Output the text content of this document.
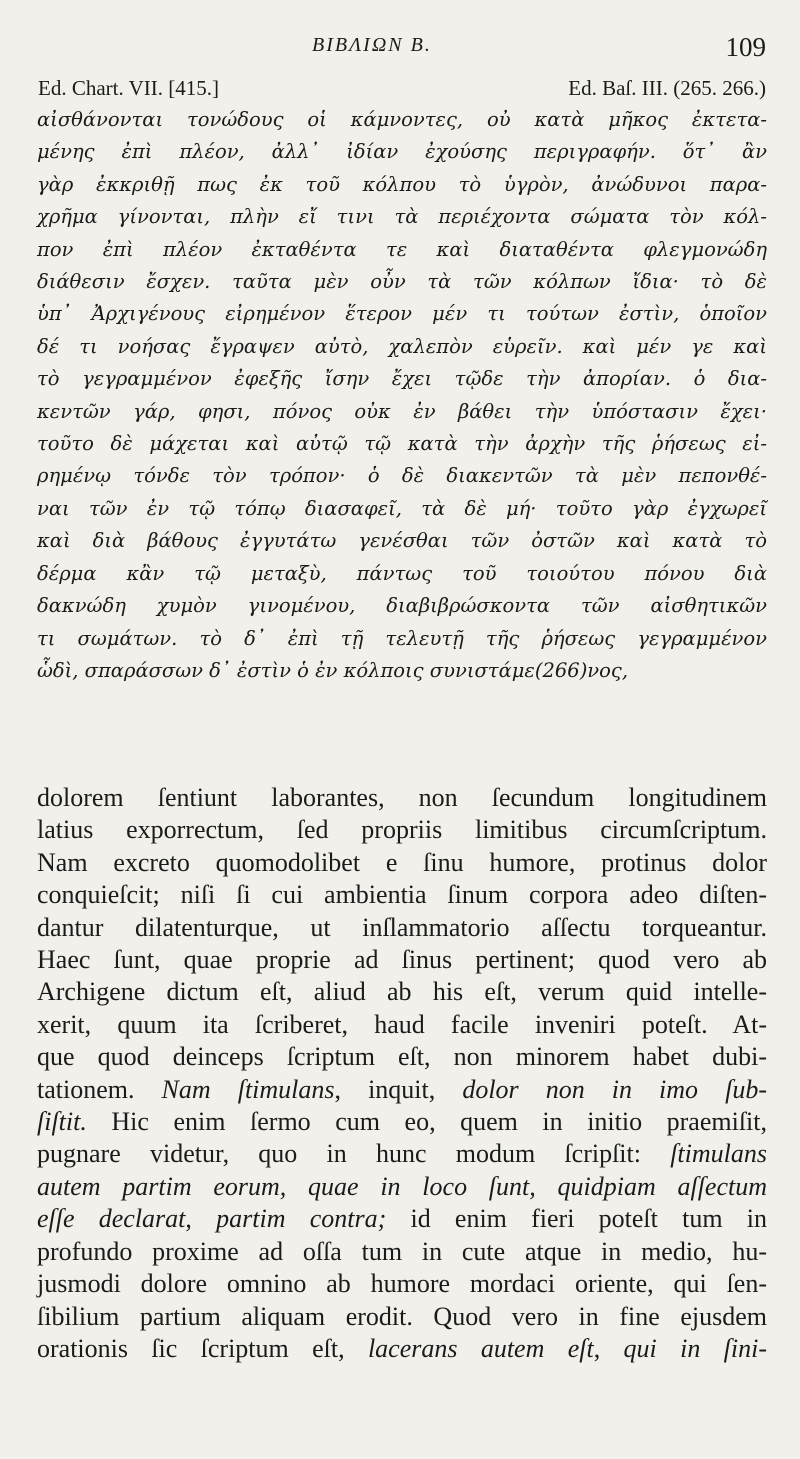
BIBΛIΩN B.	109
Ed. Chart. VII. [415.]	Ed. Baſ. III. (265. 266.)
αἰσθάνονται τονώδους οἱ κάμνοντες, οὐ κατὰ μῆκος ἐκτετα-
μένης ἐπὶ πλέον, ἀλλ᾽ ἰδίαν ἐχούσης περιγραφήν. ὅτ᾽ ἂν
γὰρ ἐκκριθῇ πως ἐκ τοῦ κόλπου τὸ ὑγρὸν, ἀνώδυνοι παρα-
χρῆμα γίνονται, πλὴν εἴ τινι τὰ περιέχοντα σώματα τὸν κόλ-
πον ἐπὶ πλέον ἐκταθέντα τε καὶ διαταθέντα φλεγμονώδη
διάθεσιν ἔσχεν. ταῦτα μὲν οὖν τὰ τῶν κόλπων ἴδια· τὸ δὲ
ὑπ᾽ Ἀρχιγένους εἰρημένον ἕτερον μέν τι τούτων ἐστὶν, ὁποῖον
δέ τι νοήσας ἔγραψεν αὐτὸ, χαλεπὸν εὑρεῖν. καὶ μέν γε καὶ
τὸ γεγραμμένον ἐφεξῆς ἴσην ἔχει τῷδε τὴν ἀπορίαν. ὁ δια-
κεντῶν γάρ, φησι, πόνος οὐκ ἐν βάθει τὴν ὑπόστασιν ἔχει·
τοῦτο δὲ μάχεται καὶ αὐτῷ τῷ κατὰ τὴν ἀρχὴν τῆς ῥήσεως εἰ-
ρημένῳ τόνδε τὸν τρόπον· ὁ δὲ διακεντῶν τὰ μὲν πεπονθέ-
ναι τῶν ἐν τῷ τόπῳ διασαφεῖ, τὰ δὲ μή· τοῦτο γὰρ ἐγχωρεῖ
καὶ διὰ βάθους ἐγγυτάτω γενέσθαι τῶν ὀστῶν καὶ κατὰ τὸ
δέρμα κἂν τῷ μεταξὺ, πάντως τοῦ τοιούτου πόνου διὰ
δακνώδη χυμὸν γινομένου, διαβιβρώσκοντα τῶν αἰσθητικῶν
τι σωμάτων. τὸ δ᾽ ἐπὶ τῇ τελευτῇ τῆς ῥήσεως γεγραμμένον
ὧδὶ, σπαράσσων δ᾽ ἐστὶν ὁ ἐν κόλποις συνιστάμε(266)νος,
dolorem ſentiunt laborantes, non ſecundum longitudinem
latius exporrectum, ſed propriis limitibus circumſcriptum.
Nam excreto quomodolibet e ſinu humore, protinus dolor
conquieſcit; niſi ſi cui ambientia ſinum corpora adeo diſten-
dantur dilatenturque, ut inſlammatorio aſſectu torqueantur.
Haec ſunt, quae proprie ad ſinus pertinent; quod vero ab
Archigene dictum eſt, aliud ab his eſt, verum quid intelle-
xerit, quum ita ſcriberet, haud facile inveniri poteſt. At-
que quod deinceps ſcriptum eſt, non minorem habet dubi-
tationem. Nam ſtimulans, inquit, dolor non in imo ſub-
ſiſtit. Hic enim ſermo cum eo, quem in initio praemiſit,
pugnare videtur, quo in hunc modum ſcripſit: ſtimulans
autem partim eorum, quae in loco ſunt, quidpiam aſſectum
eſſe declarat, partim contra; id enim fieri poteſt tum in
profundo proxime ad oſſa tum in cute atque in medio, hu-
jusmodi dolore omnino ab humore mordaci oriente, qui ſen-
ſibilium partium aliquam erodit. Quod vero in fine ejusdem
orationis ſic ſcriptum eſt, lacerans autem eſt, qui in ſini-
